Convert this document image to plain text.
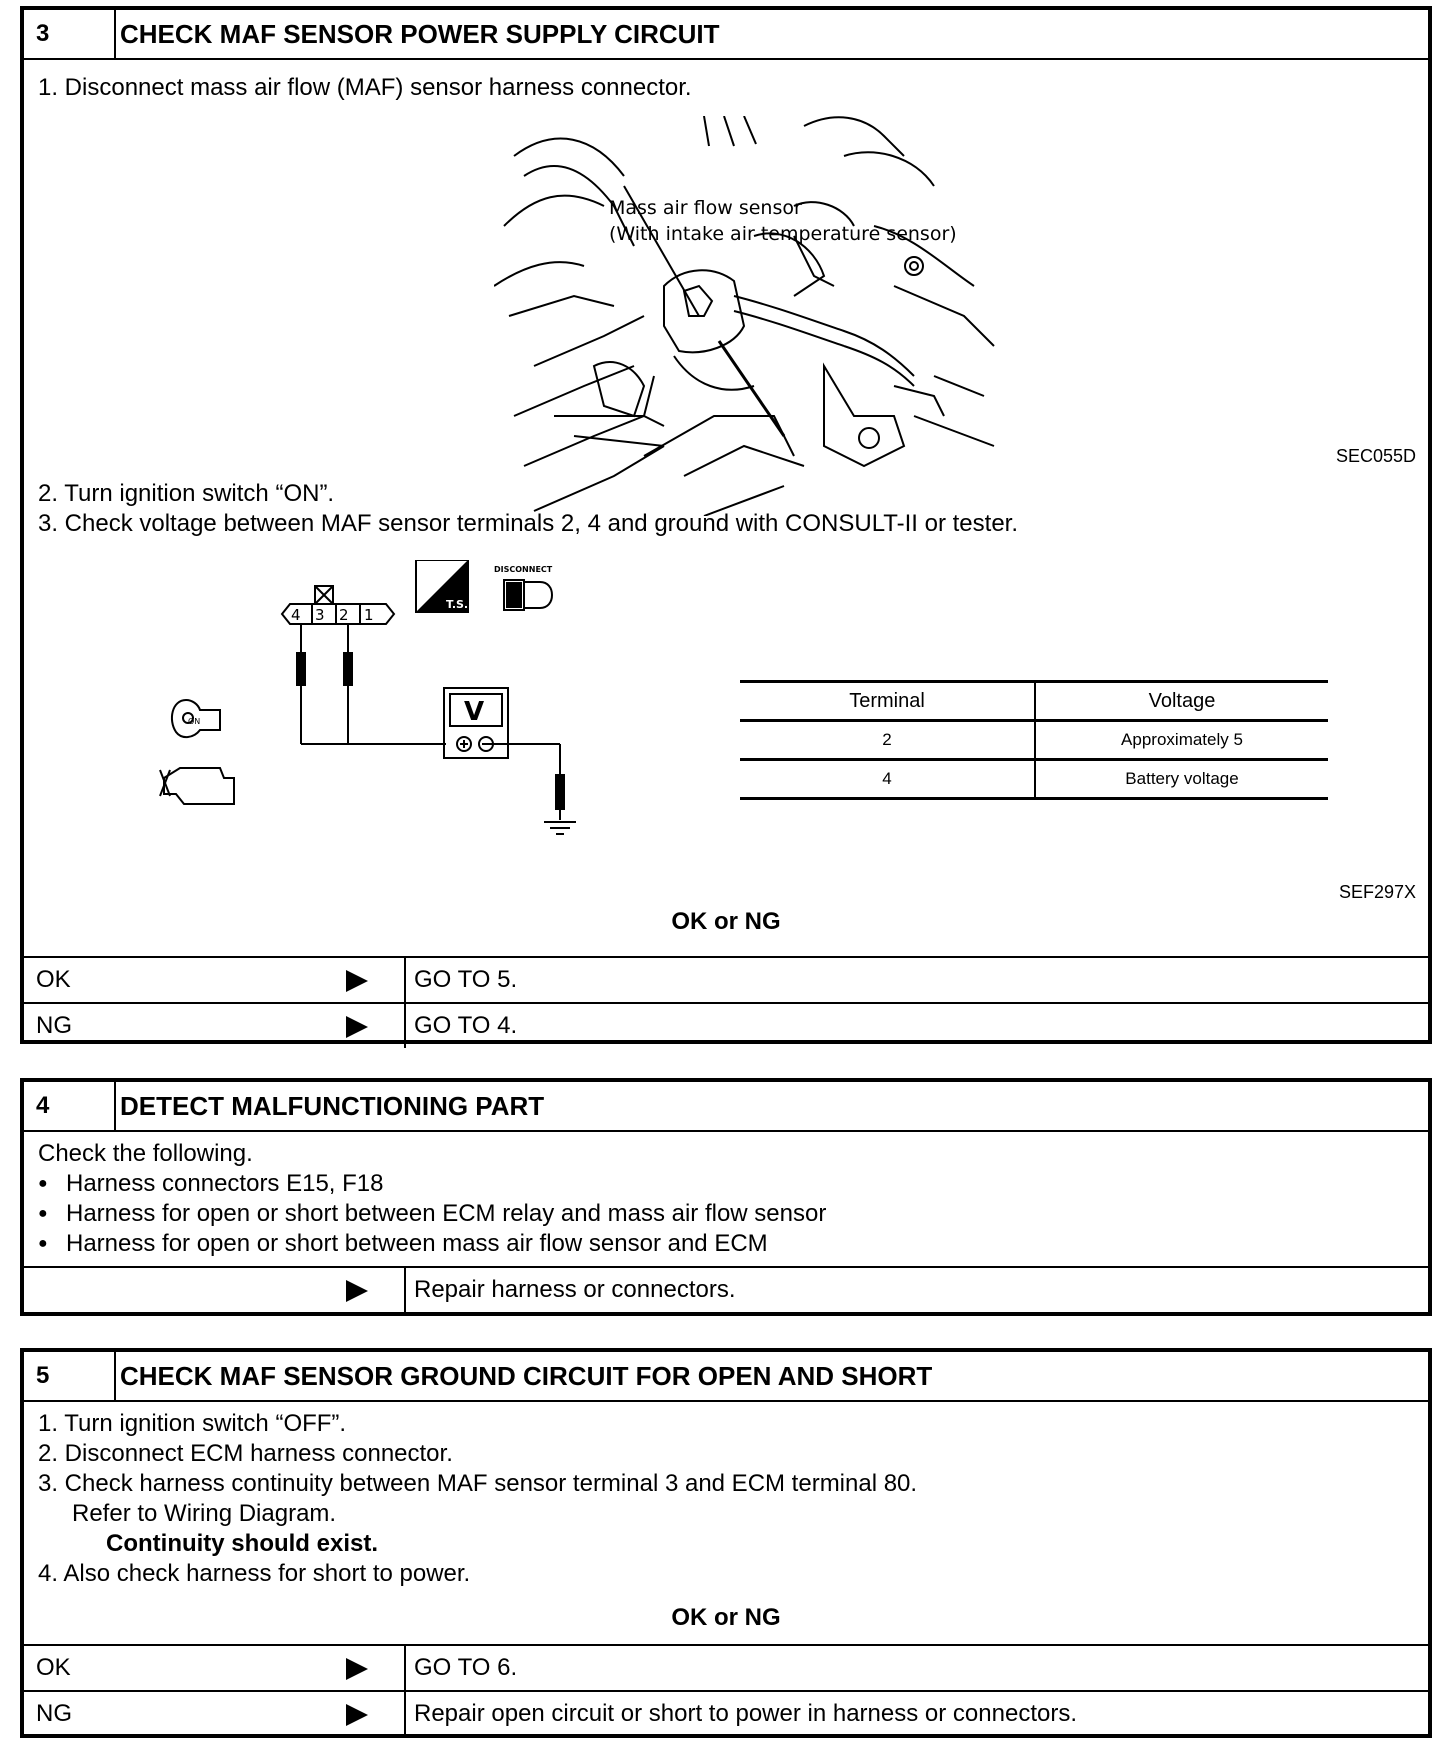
3	CHECK MAF SENSOR POWER SUPPLY CIRCUIT
1. Disconnect mass air flow (MAF) sensor harness connector.
Mass air flow sensor
(With intake air temperature sensor)
SEC055D
2. Turn ignition switch “ON”.
3. Check voltage between MAF sensor terminals 2, 4 and ground with CONSULT-II or tester.
4 3 2 1
V
T.S.
DISCONNECT
ON
Terminal	Voltage
2	Approximately 5
4	Battery voltage
SEF297X
OK or NG
OK	GO TO 5.
NG	GO TO 4.
4	DETECT MALFUNCTIONING PART
Check the following.
● Harness connectors E15, F18
● Harness for open or short between ECM relay and mass air flow sensor
● Harness for open or short between mass air flow sensor and ECM
Repair harness or connectors.
5	CHECK MAF SENSOR GROUND CIRCUIT FOR OPEN AND SHORT
1. Turn ignition switch “OFF”.
2. Disconnect ECM harness connector.
3. Check harness continuity between MAF sensor terminal 3 and ECM terminal 80.
Refer to Wiring Diagram.
Continuity should exist.
4. Also check harness for short to power.
OK or NG
OK	GO TO 6.
NG	Repair open circuit or short to power in harness or connectors.
